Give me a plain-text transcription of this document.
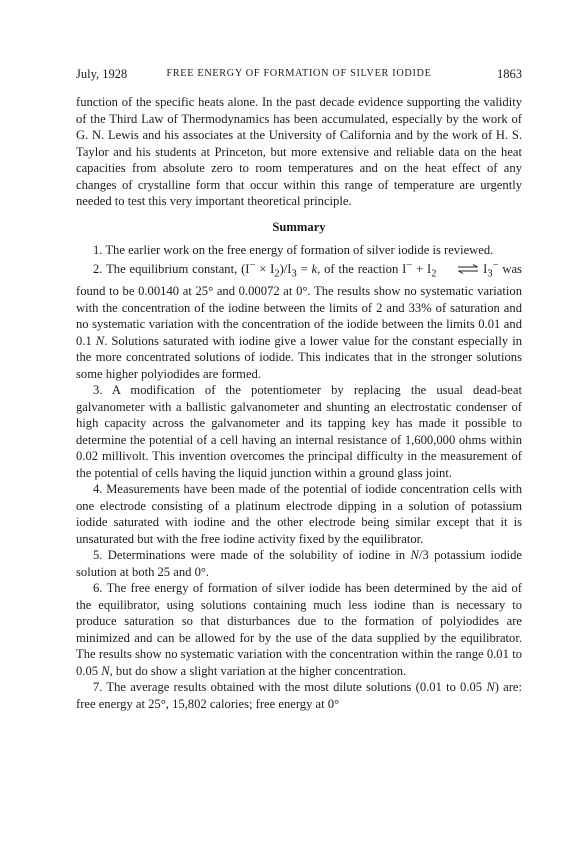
July, 1928	FREE ENERGY OF FORMATION OF SILVER IODIDE	1863

function of the specific heats alone. In the past decade evidence supporting the validity of the Third Law of Thermodynamics has been accumulated, especially by the work of G. N. Lewis and his associates at the University of California and by the work of H. S. Taylor and his students at Princeton, but more extensive and reliable data on the heat capacities from absolute zero to room temperatures and on the heat effect of any changes of crystalline form that occur within this range of temperature are urgently needed to test this very important theoretical principle.

Summary

1. The earlier work on the free energy of formation of silver iodide is reviewed.

2. The equilibrium constant, $(I^- \times I_2)/I_3 = k$, of the reaction $I^- + I_2$	$I_3^-$ was found to be 0.00140 at 25° and 0.00072 at 0°. The results show no systematic variation with the concentration of the iodine between the limits of 2 and 33% of saturation and no systematic variation with the concentration of the iodide between the limits 0.01 and 0.1 N. Solutions saturated with iodine give a lower value for the constant especially in the more concentrated solutions of iodide. This indicates that in the stronger solutions some higher polyiodides are formed.

3. A modification of the potentiometer by replacing the usual dead-beat galvanometer with a ballistic galvanometer and shunting an electrostatic condenser of high capacity across the galvanometer and its tapping key has made it possible to determine the potential of a cell having an internal resistance of 1,600,000 ohms within 0.02 millivolt. This invention overcomes the principal difficulty in the measurement of the potential of cells having the liquid junction within a ground glass joint.

4. Measurements have been made of the potential of iodide concentration cells with one electrode consisting of a platinum electrode dipping in a solution of potassium iodide saturated with iodine and the other electrode being similar except that it is unsaturated but with the free iodine activity fixed by the equilibrator.

5. Determinations were made of the solubility of iodine in N/3 potassium iodide solution at both 25 and 0°.

6. The free energy of formation of silver iodide has been determined by the aid of the equilibrator, using solutions containing much less iodine than is necessary to produce saturation so that disturbances due to the formation of polyiodides are minimized and can be allowed for by the use of the data supplied by the equilibrator. The results show no systematic variation with the concentration within the range 0.01 to 0.05 N, but do show a slight variation at the higher concentration.

7. The average results obtained with the most dilute solutions (0.01 to 0.05 N) are: free energy at 25°, 15,802 calories; free energy at 0°
